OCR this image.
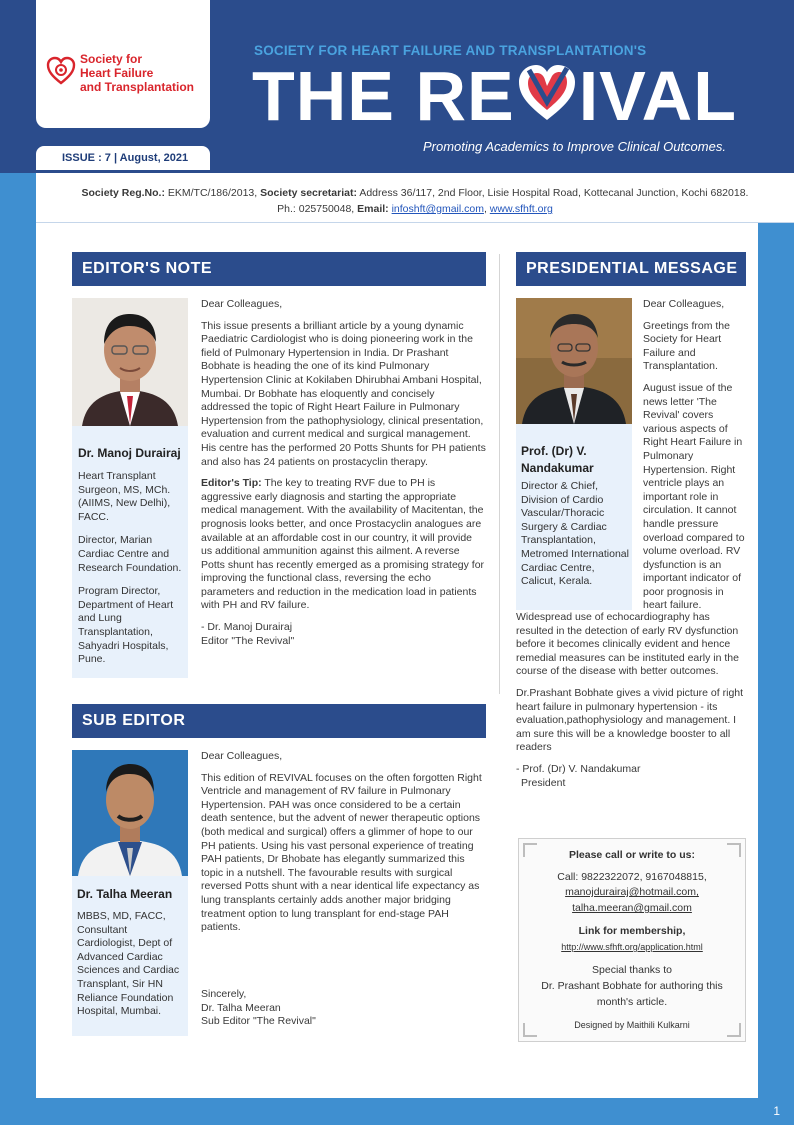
1
Society for
Heart Failure
and Transplantation
ISSUE : 7 | August, 2021
SOCIETY FOR HEART FAILURE AND TRANSPLANTATION'S
THE RE IVAL
Promoting Academics to Improve Clinical Outcomes.
Society Reg.No.: EKM/TC/186/2013, Society secretariat: Address 36/117, 2nd Floor, Lisie Hospital Road, Kottecanal Junction, Kochi 682018.
Ph.: 025750048, Email: infoshft@gmail.com, www.sfhft.org
EDITOR'S NOTE
Dr. Manoj Durairaj

Heart Transplant Surgeon, MS, MCh. (AIIMS, New Delhi), FACC.

Director, Marian Cardiac Centre and Research Foundation.

Program Director, Department of Heart and Lung Transplantation, Sahyadri Hospitals, Pune.

Dear Colleagues,

This issue presents a brilliant article by a young dynamic Paediatric Cardiologist who is doing pioneering work in the field of Pulmonary Hypertension in India. Dr Prashant Bobhate is heading the one of its kind Pulmonary Hypertension Clinic at Kokilaben Dhirubhai Ambani Hospital, Mumbai. Dr Bobhate has eloquently and concisely addressed the topic of Right Heart Failure in Pulmonary Hypertension from the pathophysiology, clinical presentation, evaluation and current medical and surgical management. His centre has the performed 20 Potts Shunts for PH patients and also has 24 patients on prostacyclin therapy.

Editor's Tip: The key to treating RVF due to PH is aggressive early diagnosis and starting the appropriate medical management. With the availability of Macitentan, the prognosis looks better, and once Prostacyclin analogues are available at an affordable cost in our country, it will provide us additional ammunition against this ailment. A reverse Potts shunt has recently emerged as a promising strategy for improving the functional class, reversing the echo parameters and reduction in the medication load in patients with PH and RV failure.

- Dr. Manoj Durairaj

Editor "The Revival"

PRESIDENTIAL MESSAGE
Prof. (Dr) V.
Nandakumar
Director & Chief, Division of Cardio Vascular/Thoracic Surgery & Cardiac Transplantation, Metromed International Cardiac Centre, Calicut, Kerala.

Dear Colleagues,

Greetings from the Society for Heart Failure and Transplantation.

August issue of the news letter 'The Revival' covers various aspects of Right Heart Failure in Pulmonary Hypertension. Right ventricle plays an important role in circulation. It cannot handle pressure overload compared to volume overload. RV dysfunction is an important indicator of poor prognosis in heart failure.

Widespread use of echocardiography has resulted in the detection of early RV dysfunction before it becomes clinically evident and hence remedial measures can be instituted early in the course of the disease with better outcomes.

Dr.Prashant Bobhate gives a vivid picture of right heart failure in pulmonary hypertension - its evaluation,pathophysiology and management. I am sure this will be a knowledge booster to all readers

- Prof. (Dr) V. Nandakumar

President

SUB EDITOR
Dr. Talha Meeran
MBBS, MD, FACC, Consultant Cardiologist, Dept of Advanced Cardiac Sciences and Cardiac Transplant, Sir HN Reliance Foundation Hospital, Mumbai.

Dear Colleagues,

This edition of REVIVAL focuses on the often forgotten Right Ventricle and management of RV failure in Pulmonary Hypertension. PAH was once considered to be a certain death sentence, but the advent of newer therapeutic options (both medical and surgical) offers a glimmer of hope to our PH patients. Using his vast personal experience of treating PAH patients, Dr Bhobate has elegantly summarized this topic in a nutshell. The favourable results with surgical reversed Potts shunt with a near identical life expectancy as lung transplants certainly adds another major bridging treatment option to lung transplant for end-stage PAH patients.

Sincerely,
Dr. Talha Meeran
Sub Editor "The Revival"
Please call or write to us:
Call: 9822322072, 9167048815,
manojdurairaj@hotmail.com,
talha.meeran@gmail.com
Link for membership,
http://www.sfhft.org/application.html
Special thanks to
Dr. Prashant Bobhate for authoring this
month's article.
Designed by Maithili Kulkarni
